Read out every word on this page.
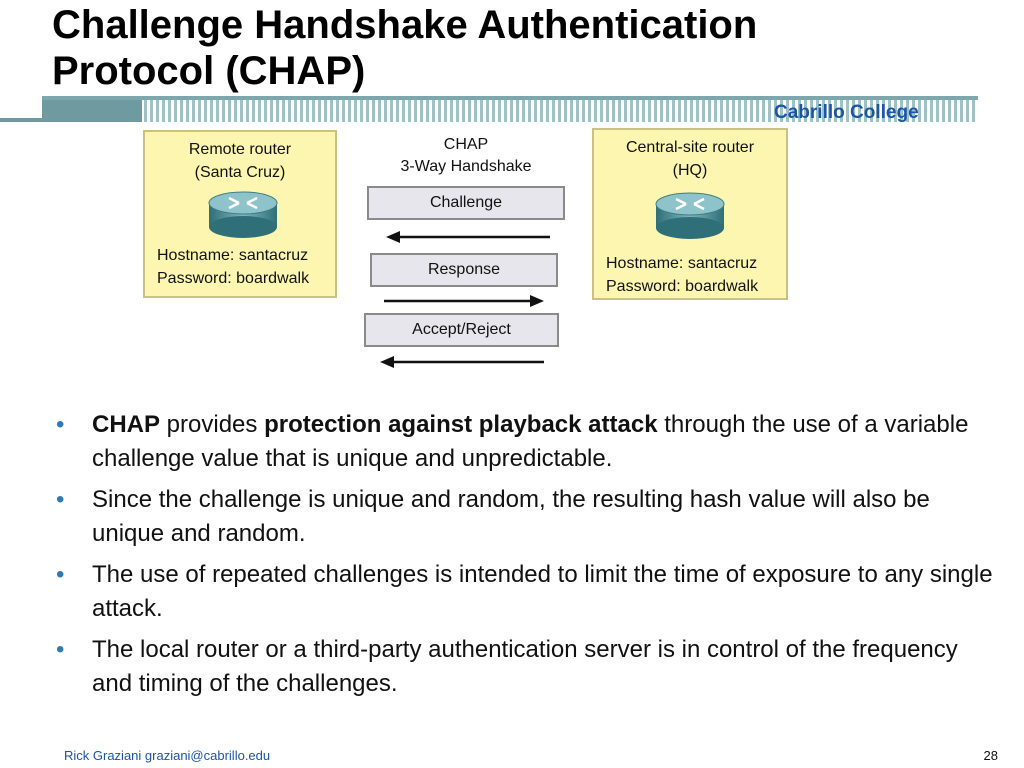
Challenge Handshake Authentication
Protocol (CHAP)
Cabrillo College
Remote router
(Santa Cruz)
Hostname: santacruz
Password: boardwalk
Central-site router
(HQ)
Hostname: santacruz
Password: boardwalk
CHAP
3-Way Handshake
Challenge
Response
Accept/Reject
• CHAP provides protection against playback attack through the use of a variable challenge value that is unique and unpredictable.
• Since the challenge is unique and random, the resulting hash value will also be unique and random.
• The use of repeated challenges is intended to limit the time of exposure to any single attack.
• The local router or a third-party authentication server is in control of the frequency and timing of the challenges.
Rick Graziani graziani@cabrillo.edu	28
